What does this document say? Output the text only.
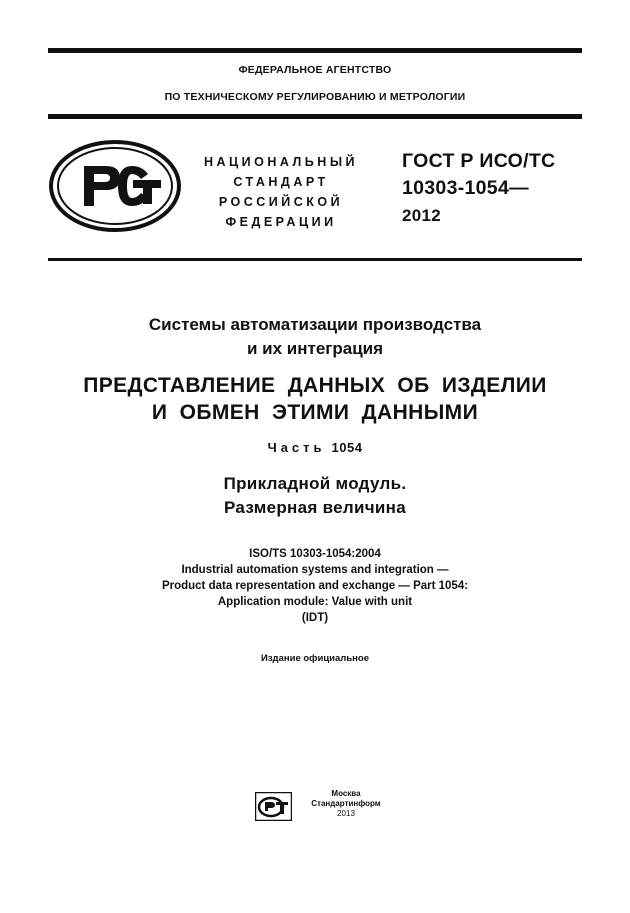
ФЕДЕРАЛЬНОЕ АГЕНТСТВО
ПО ТЕХНИЧЕСКОМУ РЕГУЛИРОВАНИЮ И МЕТРОЛОГИИ
НАЦИОНАЛЬНЫЙ
СТАНДАРТ
РОССИЙСКОЙ
ФЕДЕРАЦИИ
ГОСТ Р ИСО/ТС
10303-1054—
2012
Системы автоматизации производства
и их интеграция
ПРЕДСТАВЛЕНИЕ ДАННЫХ ОБ ИЗДЕЛИИ
И ОБМЕН ЭТИМИ ДАННЫМИ
Часть 1054
Прикладной модуль.
Размерная величина
ISO/TS 10303-1054:2004
Industrial automation systems and integration —
Product data representation and exchange — Part 1054:
Application module: Value with unit
(IDT)
Издание официальное
Москва
Стандартинформ
2013
